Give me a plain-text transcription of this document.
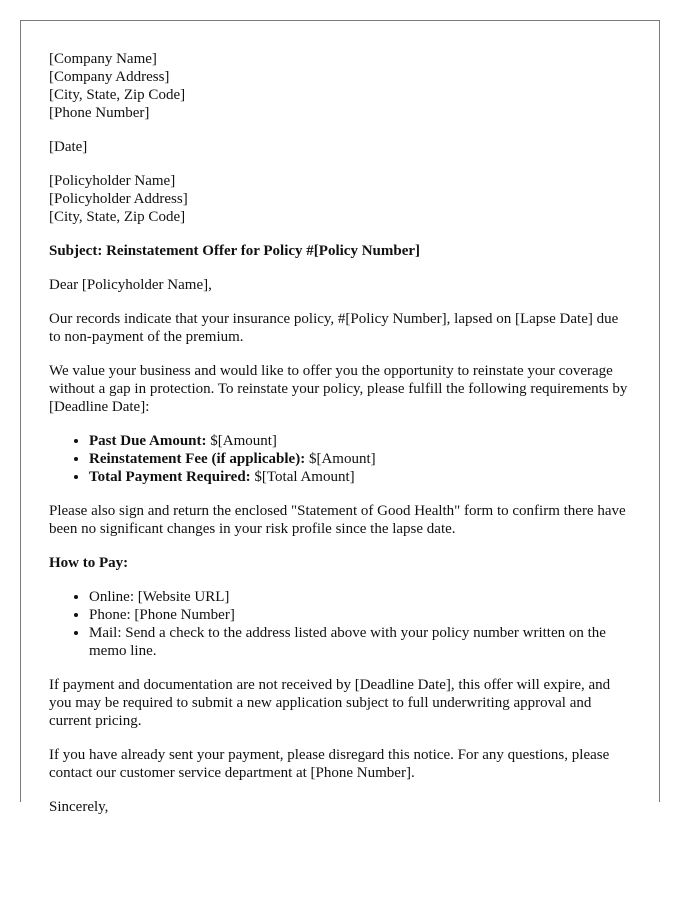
[Company Name]
[Company Address]
[City, State, Zip Code]
[Phone Number]
[Date]
[Policyholder Name]
[Policyholder Address]
[City, State, Zip Code]

Subject: Reinstatement Offer for Policy #[Policy Number]

Dear [Policyholder Name],

Our records indicate that your insurance policy, #[Policy Number], lapsed on [Lapse Date] due to non-payment of the premium.

We value your business and would like to offer you the opportunity to reinstate your coverage without a gap in protection. To reinstate your policy, please fulfill the following requirements by [Deadline Date]:

• Past Due Amount: $[Amount]
• Reinstatement Fee (if applicable): $[Amount]
• Total Payment Required: $[Total Amount]

Please also sign and return the enclosed "Statement of Good Health" form to confirm there have been no significant changes in your risk profile since the lapse date.

How to Pay:

• Online: [Website URL]
• Phone: [Phone Number]
• Mail: Send a check to the address listed above with your policy number written on the memo line.

If payment and documentation are not received by [Deadline Date], this offer will expire, and you may be required to submit a new application subject to full underwriting approval and current pricing.

If you have already sent your payment, please disregard this notice. For any questions, please contact our customer service department at [Phone Number].

Sincerely,
